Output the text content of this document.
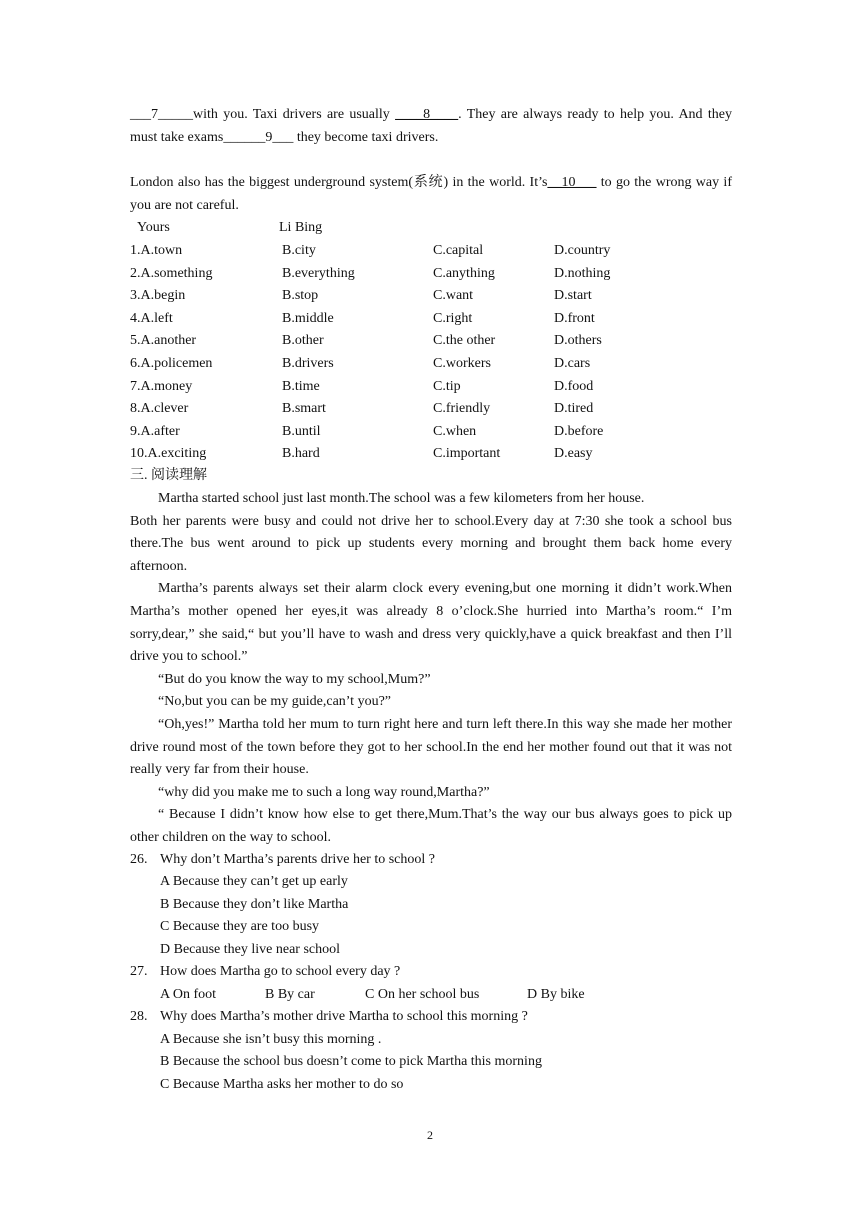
___7_____with you. Taxi drivers are usually ____8____. They are always ready to help you. And they must take exams______9___ they become taxi drivers.

London also has the biggest underground system(系统) in the world. It’s__10___ to go the wrong way if you are not careful.

Yours	Li Bing
1.A.town	B.city	C.capital	D.country
2.A.something	B.everything	C.anything	D.nothing
3.A.begin	B.stop	C.want	D.start
4.A.left	B.middle	C.right	D.front
5.A.another	B.other	C.the other	D.others
6.A.policemen	B.drivers	C.workers	D.cars
7.A.money	B.time	C.tip	D.food
8.A.clever	B.smart	C.friendly	D.tired
9.A.after	B.until	C.when	D.before
10.A.exciting	B.hard	C.important	D.easy
三. 阅读理解

Martha started school just last month.The school was a few kilometers from her house.

Both her parents were busy and could not drive her to school.Every day at 7:30 she took a school bus there.The bus went around to pick up students every morning and brought them back home every afternoon.

Martha’s parents always set their alarm clock every evening,but one morning it didn’t work.When Martha’s mother opened her eyes,it was already 8 o’clock.She hurried into Martha’s room.“ I’m sorry,dear,” she said,“ but you’ll have to wash and dress very quickly,have a quick breakfast and then I’ll drive you to school.”

“But do you know the way to my school,Mum?”

“No,but you can be my guide,can’t you?”

“Oh,yes!” Martha told her mum to turn right here and turn left there.In this way she made her mother drive round most of the town before they got to her school.In the end her mother found out that it was not really very far from their house.

“why did you make me to such a long way round,Martha?”

“ Because I didn’t know how else to get there,Mum.That’s the way our bus always goes to pick up other children on the way to school.

26. Why don’t Martha’s parents drive her to school ?
A Because they can’t get up early
B Because they don’t like Martha
C Because they are too busy
D Because they live near school
27. How does Martha go to school every day ?
A On foot	B By car	C On her school bus	D By bike
28. Why does Martha’s mother drive Martha to school this morning ?
A Because she isn’t busy this morning .
B Because the school bus doesn’t come to pick Martha this morning
C Because Martha asks her mother to do so
2
